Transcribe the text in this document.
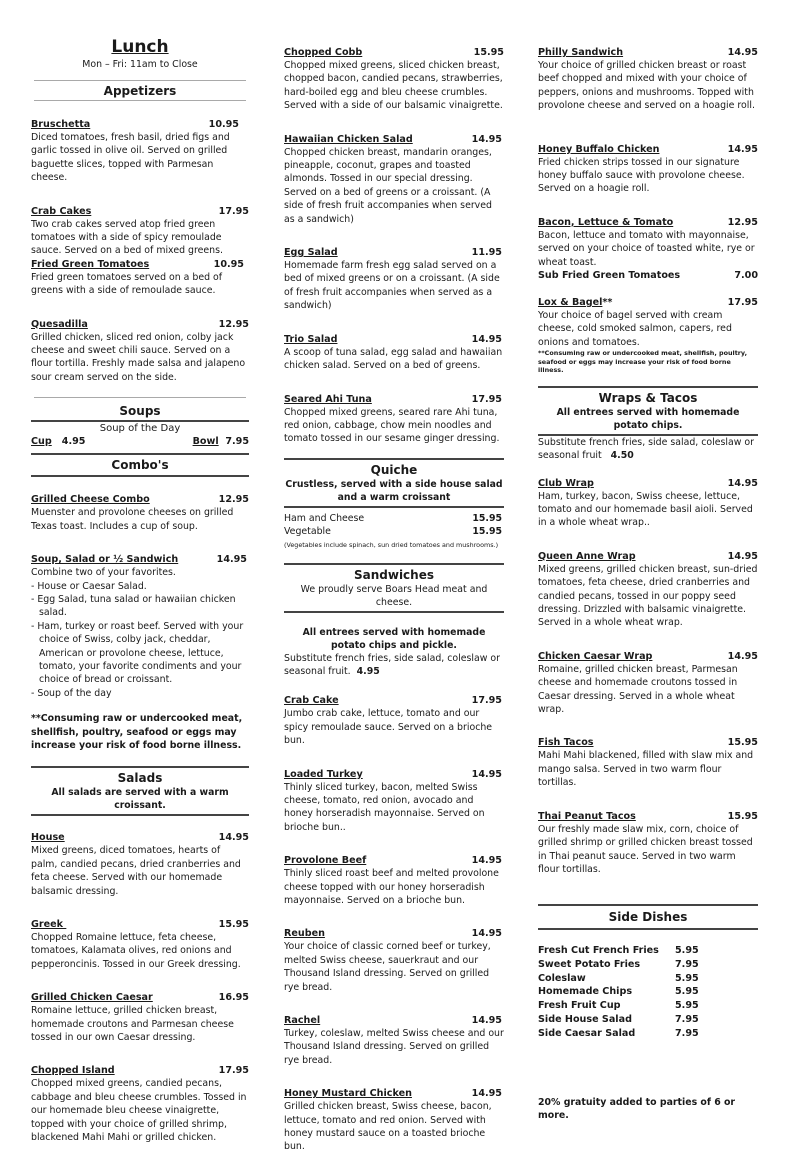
Lunch
Mon – Fri: 11am to Close
Appetizers
Bruschetta	10.95

Diced tomatoes, fresh basil, dried figs and garlic tossed in olive oil. Served on grilled baguette slices, topped with Parmesan cheese.

Crab Cakes	17.95

Two crab cakes served atop fried green tomatoes with a side of spicy remoulade sauce. Served on a bed of mixed greens.

Fried Green Tomatoes	10.95

Fried green tomatoes served on a bed of greens with a side of remoulade sauce.

Quesadilla	12.95

Grilled chicken, sliced red onion, colby jack cheese and sweet chili sauce. Served on a flour tortilla. Freshly made salsa and jalapeno sour cream served on the side.

Soups
Soup of the Day
Cup 4.95	Bowl 7.95
Combo's
Grilled Cheese Combo	12.95

Muenster and provolone cheeses on grilled Texas toast. Includes a cup of soup.

Soup, Salad or ½ Sandwich	14.95

Combine two of your favorites.

- House or Caesar Salad.
- Egg Salad, tuna salad or hawaiian chicken salad.
- Ham, turkey or roast beef. Served with your choice of Swiss, colby jack, cheddar, American or provolone cheese, lettuce, tomato, your favorite condiments and your choice of bread or croissant.
- Soup of the day

**Consuming raw or undercooked meat, shellfish, poultry, seafood or eggs may increase your risk of food borne illness.

Salads

All salads are served with a warm croissant.

House	14.95

Mixed greens, diced tomatoes, hearts of palm, candied pecans, dried cranberries and feta cheese. Served with our homemade balsamic dressing.

Greek	15.95

Chopped Romaine lettuce, feta cheese, tomatoes, Kalamata olives, red onions and pepperoncinis. Tossed in our Greek dressing.

Grilled Chicken Caesar	16.95

Romaine lettuce, grilled chicken breast, homemade croutons and Parmesan cheese tossed in our own Caesar dressing.

Chopped Island	17.95

Chopped mixed greens, candied pecans, cabbage and bleu cheese crumbles. Tossed in our homemade bleu cheese vinaigrette, topped with your choice of grilled shrimp, blackened Mahi Mahi or grilled chicken.

Chopped Cobb	15.95

Chopped mixed greens, sliced chicken breast, chopped bacon, candied pecans, strawberries, hard-boiled egg and bleu cheese crumbles. Served with a side of our balsamic vinaigrette.

Hawaiian Chicken Salad	14.95

Chopped chicken breast, mandarin oranges, pineapple, coconut, grapes and toasted almonds. Tossed in our special dressing. Served on a bed of greens or a croissant. (A side of fresh fruit accompanies when served as a sandwich)

Egg Salad	11.95

Homemade farm fresh egg salad served on a bed of mixed greens or on a croissant. (A side of fresh fruit accompanies when served as a sandwich)

Trio Salad	14.95

A scoop of tuna salad, egg salad and hawaiian chicken salad. Served on a bed of greens.

Seared Ahi Tuna	17.95

Chopped mixed greens, seared rare Ahi tuna, red onion, cabbage, chow mein noodles and tomato tossed in our sesame ginger dressing.

Quiche

Crustless, served with a side house salad and a warm croissant

Ham and Cheese	15.95
Vegetable	15.95

(Vegetables include spinach, sun dried tomatoes and mushrooms.)

Sandwiches

We proudly serve Boars Head meat and cheese.

All entrees served with homemade potato chips and pickle.

Substitute french fries, side salad, coleslaw or seasonal fruit. 4.95

Crab Cake	17.95

Jumbo crab cake, lettuce, tomato and our spicy remoulade sauce. Served on a brioche bun.

Loaded Turkey	14.95

Thinly sliced turkey, bacon, melted Swiss cheese, tomato, red onion, avocado and honey horseradish mayonnaise. Served on brioche bun..

Provolone Beef	14.95

Thinly sliced roast beef and melted provolone cheese topped with our honey horseradish mayonnaise. Served on a brioche bun.

Reuben	14.95

Your choice of classic corned beef or turkey, melted Swiss cheese, sauerkraut and our Thousand Island dressing. Served on grilled rye bread.

Rachel	14.95

Turkey, coleslaw, melted Swiss cheese and our Thousand Island dressing. Served on grilled rye bread.

Honey Mustard Chicken	14.95

Grilled chicken breast, Swiss cheese, bacon, lettuce, tomato and red onion. Served with honey mustard sauce on a toasted brioche bun.

Philly Sandwich	14.95

Your choice of grilled chicken breast or roast beef chopped and mixed with your choice of peppers, onions and mushrooms. Topped with provolone cheese and served on a hoagie roll.

Honey Buffalo Chicken	14.95

Fried chicken strips tossed in our signature honey buffalo sauce with provolone cheese. Served on a hoagie roll.

Bacon, Lettuce & Tomato	12.95

Bacon, lettuce and tomato with mayonnaise, served on your choice of toasted white, rye or wheat toast.

Sub Fried Green Tomatoes	7.00
Lox & Bagel**	17.95

Your choice of bagel served with cream cheese, cold smoked salmon, capers, red onions and tomatoes.

**Consuming raw or undercooked meat, shellfish, poultry, seafood or eggs may increase your risk of food borne illness.

Wraps & Tacos

All entrees served with homemade potato chips.

Substitute french fries, side salad, coleslaw or seasonal fruit 4.50

Club Wrap	14.95

Ham, turkey, bacon, Swiss cheese, lettuce, tomato and our homemade basil aioli. Served in a whole wheat wrap..

Queen Anne Wrap	14.95

Mixed greens, grilled chicken breast, sun-dried tomatoes, feta cheese, dried cranberries and candied pecans, tossed in our poppy seed dressing. Drizzled with balsamic vinaigrette. Served in a whole wheat wrap.

Chicken Caesar Wrap	14.95

Romaine, grilled chicken breast, Parmesan cheese and homemade croutons tossed in Caesar dressing. Served in a whole wheat wrap.

Fish Tacos	15.95

Mahi Mahi blackened, filled with slaw mix and mango salsa. Served in two warm flour tortillas.

Thai Peanut Tacos	15.95

Our freshly made slaw mix, corn, choice of grilled shrimp or grilled chicken breast tossed in Thai peanut sauce. Served in two warm flour tortillas.

Side Dishes
Fresh Cut French Fries	5.95
Sweet Potato Fries	7.95
Coleslaw	5.95
Homemade Chips	5.95
Fresh Fruit Cup	5.95
Side House Salad	7.95
Side Caesar Salad	7.95

20% gratuity added to parties of 6 or more.
